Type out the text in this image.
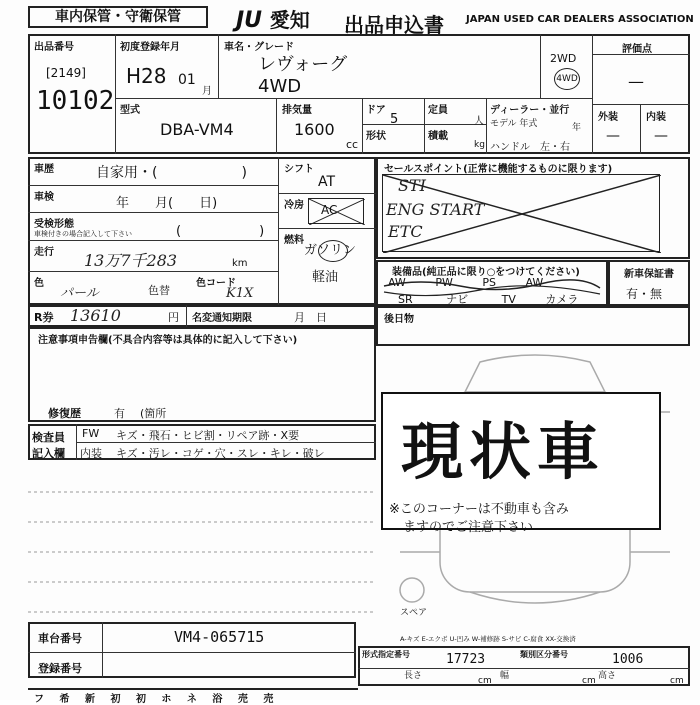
車内保管・守衛保管	JU 愛知 出品申込書 JAPAN USED CAR DEALERS ASSOCIATION
出品番号
[2149]
10102
初度登録年月
H28 01
月
車名・グレード
レヴォーグ
4WD
2WD
4WD
評価点
—
外装	内装
— —
型式
DBA-VM4
排気量
1600
cc
ドア
5
形状
定員
人
積載
kg
ディーラー・並行
モデル 年式	年
ハンドル　左・右
車歴	自家用・(　　　　　　)
車検	年　　月(　　日)
受検形態
車検付きの場合記入して下さい	(　　　　　　)
走行 13万7千283	km
色
パール	色替
色コード
K1X
シフト
AT
冷房 AC
燃料
ガソリン
軽油
R券 13610	円 名変通知期限	月　日
注意事項申告欄(不具合内容等は具体的に記入して下さい)
修復歴	有 (箇所
検査員
記入欄
FW キズ・飛石・ヒビ割・リペア跡・X要
内装 キズ・汚レ・コゲ・穴・スレ・キレ・破レ
セールスポイント(正常に機能するものに限ります)
STI
ENG START
ETC
装備品(純正品に限り○をつけてください)
AW	PW	PS	AW
SR	ナビ	TV	カメラ
新車保証書
有・無
後日物
現状車
※このコーナーは不動車も含み
ますのでご注意下さい
スペア
車台番号	VM4-065715
登録番号
A-キズ E-エクボ U-凹み W-補修跡 S-サビ C-腐食 XX-交換済
形式指定番号	17723	類別区分番号	1006
長さ	cm 幅	cm 高さ	cm
フ 希 新 初 初 ホ ネ 浴 売 売
